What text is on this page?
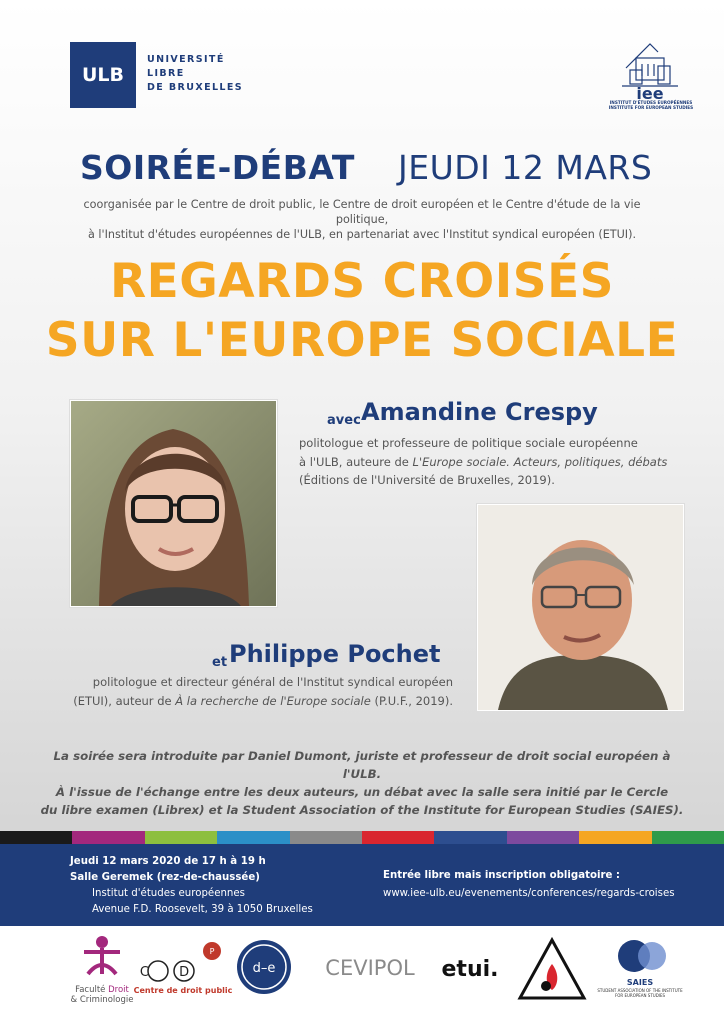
ULB
UNIVERSITÉ
LIBRE
DE BRUXELLES	iee
INSTITUT D'ÉTUDES EUROPÉENNES
INSTITUTE FOR EUROPEAN STUDIES
SOIRÉE-DÉBAT JEUDI 12 MARS
coorganisée par le Centre de droit public, le Centre de droit européen et le Centre d'étude de la vie politique,
à l'Institut d'études européennes de l'ULB, en partenariat avec l'Institut syndical européen (ETUI).
REGARDS CROISÉS
SUR L'EUROPE SOCIALE
avec Amandine Crespy
politologue et professeure de politique sociale européenne
à l'ULB, auteure de L'Europe sociale. Acteurs, politiques, débats
(Éditions de l'Université de Bruxelles, 2019).
et Philippe Pochet
politologue et directeur général de l'Institut syndical européen
(ETUI), auteur de À la recherche de l'Europe sociale (P.U.F., 2019).
La soirée sera introduite par Daniel Dumont, juriste et professeur de droit social européen à l'ULB.
À l'issue de l'échange entre les deux auteurs, un débat avec la salle sera initié par le Cercle
du libre examen (Librex) et la Student Association of the Institute for European Studies (SAIES).
Jeudi 12 mars 2020 de 17 h à 19 h
Salle Geremek (rez-de-chaussée)
Institut d'études européennes
Avenue F.D. Roosevelt, 39 à 1050 Bruxelles
Entrée libre mais inscription obligatoire :
www.iee-ulb.eu/evenements/conferences/regards-croises
Faculté Droit
& Criminologie
P
C D
Centre de droit public
d–e CEVIPOL etui.
SAIES
STUDENT ASSOCIATION OF THE INSTITUTE
FOR EUROPEAN STUDIES
